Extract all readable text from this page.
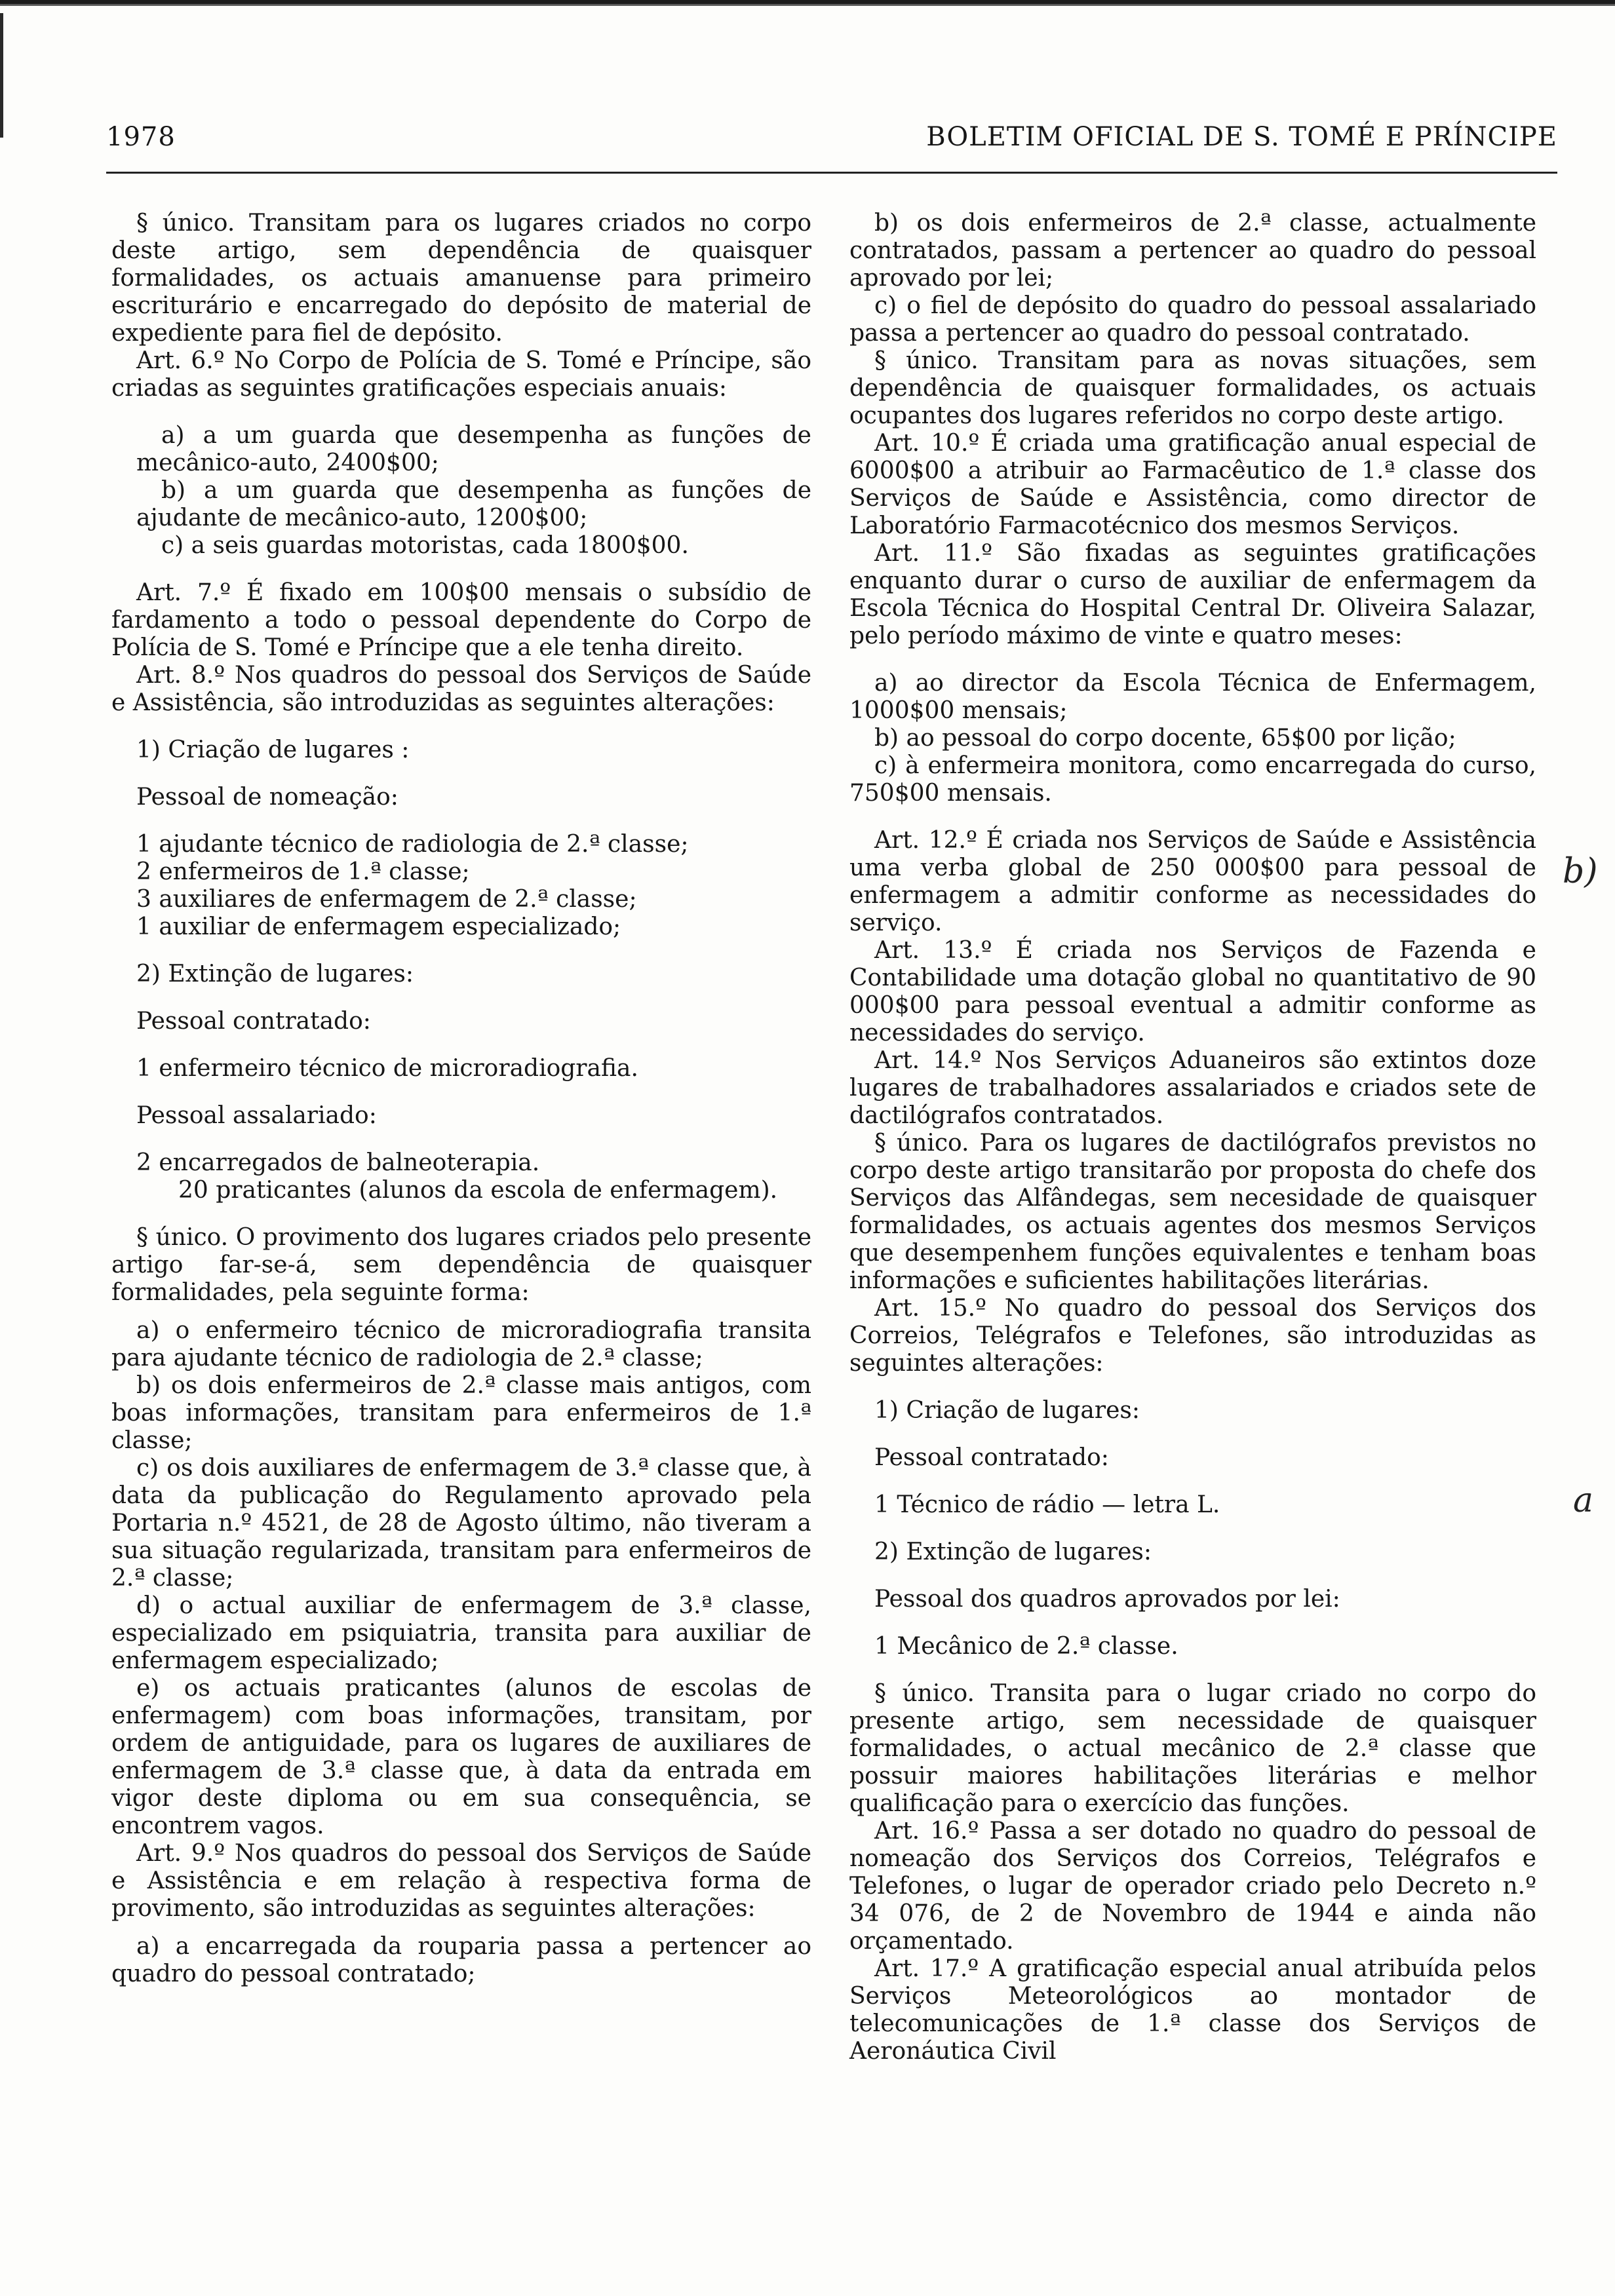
1978	BOLETIM OFICIAL DE S. TOMÉ E PRÍNCIPE

§ único. Transitam para os lugares criados no corpo deste artigo, sem dependência de quaisquer formalidades, os actuais amanuense para primeiro escriturário e encarregado do depósito de material de expediente para fiel de depósito.

Art. 6.º No Corpo de Polícia de S. Tomé e Príncipe, são criadas as seguintes gratificações especiais anuais:

a) a um guarda que desempenha as funções de mecânico-auto, 2400$00;

b) a um guarda que desempenha as funções de ajudante de mecânico-auto, 1200$00;

c) a seis guardas motoristas, cada 1800$00.

Art. 7.º É fixado em 100$00 mensais o subsídio de fardamento a todo o pessoal dependente do Corpo de Polícia de S. Tomé e Príncipe que a ele tenha direito.

Art. 8.º Nos quadros do pessoal dos Serviços de Saúde e Assistência, são introduzidas as seguintes alterações:

1) Criação de lugares :

Pessoal de nomeação:

1 ajudante técnico de radiologia de 2.ª classe;

2 enfermeiros de 1.ª classe;

3 auxiliares de enfermagem de 2.ª classe;

1 auxiliar de enfermagem especializado;

2) Extinção de lugares:

Pessoal contratado:

1 enfermeiro técnico de microradiografia.

Pessoal assalariado:

2 encarregados de balneoterapia.

20 praticantes (alunos da escola de enfermagem).

§ único. O provimento dos lugares criados pelo presente artigo far-se-á, sem dependência de quaisquer formalidades, pela seguinte forma:

a) o enfermeiro técnico de microradiografia transita para ajudante técnico de radiologia de 2.ª classe;

b) os dois enfermeiros de 2.ª classe mais antigos, com boas informações, transitam para enfermeiros de 1.ª classe;

c) os dois auxiliares de enfermagem de 3.ª classe que, à data da publicação do Regulamento aprovado pela Portaria n.º 4521, de 28 de Agosto último, não tiveram a sua situação regularizada, transitam para enfermeiros de 2.ª classe;

d) o actual auxiliar de enfermagem de 3.ª classe, especializado em psiquiatria, transita para auxiliar de enfermagem especializado;

e) os actuais praticantes (alunos de escolas de enfermagem) com boas informações, transitam, por ordem de antiguidade, para os lugares de auxiliares de enfermagem de 3.ª classe que, à data da entrada em vigor deste diploma ou em sua consequência, se encontrem vagos.

Art. 9.º Nos quadros do pessoal dos Serviços de Saúde e Assistência e em relação à respectiva forma de provimento, são introduzidas as seguintes alterações:

a) a encarregada da rouparia passa a pertencer ao quadro do pessoal contratado;

b) os dois enfermeiros de 2.ª classe, actualmente contratados, passam a pertencer ao quadro do pessoal aprovado por lei;

c) o fiel de depósito do quadro do pessoal assalariado passa a pertencer ao quadro do pessoal contratado.

§ único. Transitam para as novas situações, sem dependência de quaisquer formalidades, os actuais ocupantes dos lugares referidos no corpo deste artigo.

Art. 10.º É criada uma gratificação anual especial de 6000$00 a atribuir ao Farmacêutico de 1.ª classe dos Serviços de Saúde e Assistência, como director de Laboratório Farmacotécnico dos mesmos Serviços.

Art. 11.º São fixadas as seguintes gratificações enquanto durar o curso de auxiliar de enfermagem da Escola Técnica do Hospital Central Dr. Oliveira Salazar, pelo período máximo de vinte e quatro meses:

a) ao director da Escola Técnica de Enfermagem, 1000$00 mensais;

b) ao pessoal do corpo docente, 65$00 por lição;

c) à enfermeira monitora, como encarregada do curso, 750$00 mensais.

Art. 12.º É criada nos Serviços de Saúde e Assistência uma verba global de 250 000$00 para pessoal de enfermagem a admitir conforme as necessidades do serviço.

Art. 13.º É criada nos Serviços de Fazenda e Contabilidade uma dotação global no quantitativo de 90 000$00 para pessoal eventual a admitir conforme as necessidades do serviço.

Art. 14.º Nos Serviços Aduaneiros são extintos doze lugares de trabalhadores assalariados e criados sete de dactilógrafos contratados.

§ único. Para os lugares de dactilógrafos previstos no corpo deste artigo transitarão por proposta do chefe dos Serviços das Alfândegas, sem necesidade de quaisquer formalidades, os actuais agentes dos mesmos Serviços que desempenhem funções equivalentes e tenham boas informações e suficientes habilitações literárias.

Art. 15.º No quadro do pessoal dos Serviços dos Correios, Telégrafos e Telefones, são introduzidas as seguintes alterações:

1) Criação de lugares:

Pessoal contratado:

1 Técnico de rádio — letra L.

2) Extinção de lugares:

Pessoal dos quadros aprovados por lei:

1 Mecânico de 2.ª classe.

§ único. Transita para o lugar criado no corpo do presente artigo, sem necessidade de quaisquer formalidades, o actual mecânico de 2.ª classe que possuir maiores habilitações literárias e melhor qualificação para o exercício das funções.

Art. 16.º Passa a ser dotado no quadro do pessoal de nomeação dos Serviços dos Correios, Telégrafos e Telefones, o lugar de operador criado pelo Decreto n.º 34 076, de 2 de Novembro de 1944 e ainda não orçamentado.

Art. 17.º A gratificação especial anual atribuída pelos Serviços Meteorológicos ao montador de telecomunicações de 1.ª classe dos Serviços de Aeronáutica Civil

b)
a
